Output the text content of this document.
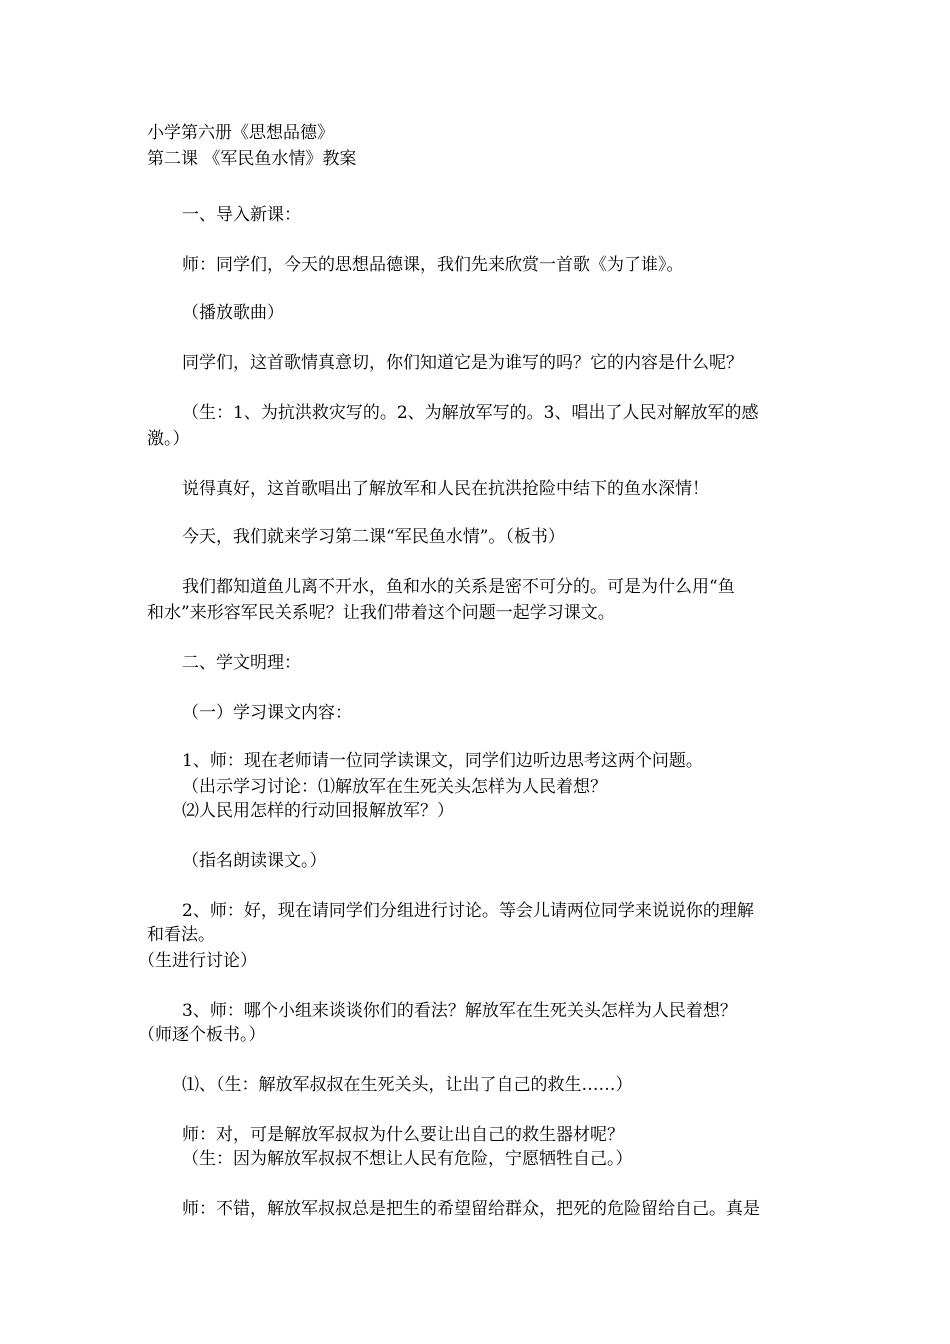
小学第六册《思想品德》
第二课 《军民鱼水情》教案
一、导入新课：
师：同学们，今天的思想品德课，我们先来欣赏一首歌《为了谁》。
（播放歌曲）
同学们，这首歌情真意切，你们知道它是为谁写的吗？它的内容是什么呢？
（生：1、为抗洪救灾写的。2、为解放军写的。3、唱出了人民对解放军的感
激。）
说得真好，这首歌唱出了解放军和人民在抗洪抢险中结下的鱼水深情！
今天，我们就来学习第二课“军民鱼水情”。（板书）
我们都知道鱼儿离不开水，鱼和水的关系是密不可分的。可是为什么用“鱼
和水”来形容军民关系呢？让我们带着这个问题一起学习课文。
二、学文明理：
（一）学习课文内容：
1、师：现在老师请一位同学读课文，同学们边听边思考这两个问题。
（出示学习讨论：⑴解放军在生死关头怎样为人民着想？
⑵人民用怎样的行动回报解放军？）
（指名朗读课文。）
2、师：好，现在请同学们分组进行讨论。等会儿请两位同学来说说你的理解
和看法。
（生进行讨论）
3、师：哪个小组来谈谈你们的看法？解放军在生死关头怎样为人民着想？
（师逐个板书。）
⑴、（生：解放军叔叔在生死关头，让出了自己的救生……）
师：对，可是解放军叔叔为什么要让出自己的救生器材呢？
（生：因为解放军叔叔不想让人民有危险，宁愿牺牲自己。）
师：不错，解放军叔叔总是把生的希望留给群众，把死的危险留给自己。真是
